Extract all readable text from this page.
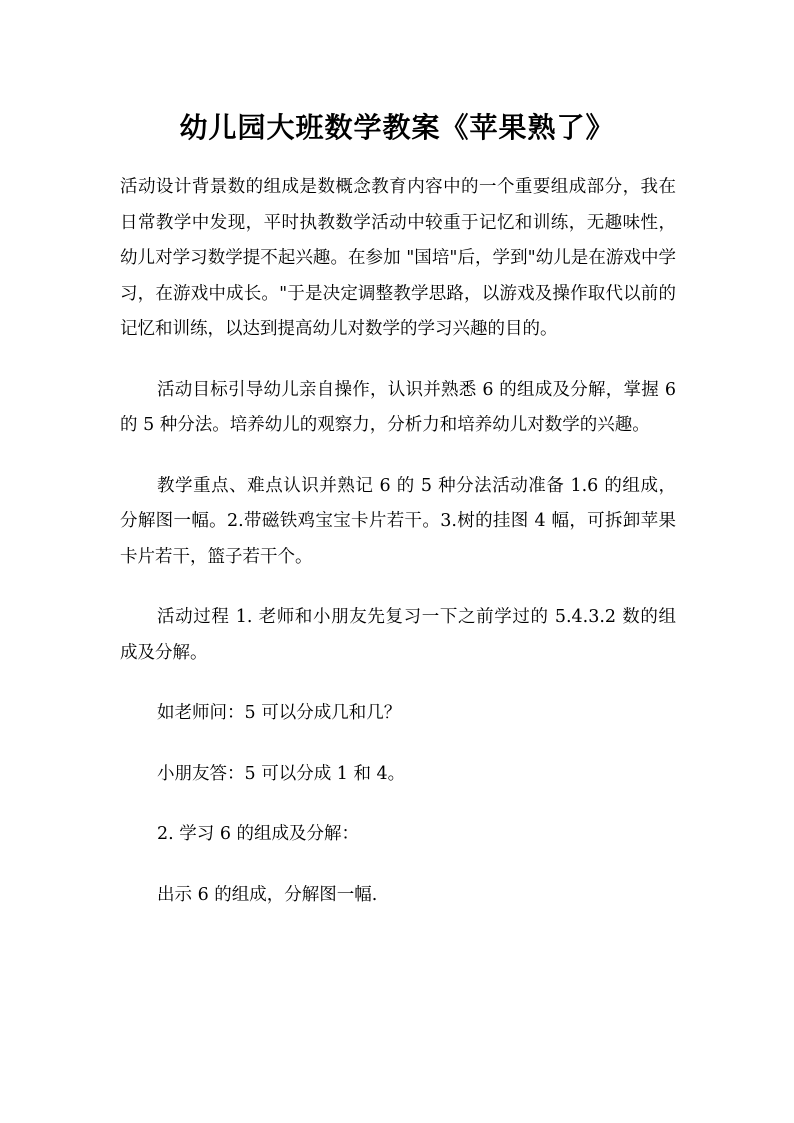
幼儿园大班数学教案《苹果熟了》

活动设计背景数的组成是数概念教育内容中的一个重要组成部分，我在日常教学中发现，平时执教数学活动中较重于记忆和训练，无趣味性，幼儿对学习数学提不起兴趣。在参加 "国培"后，学到"幼儿是在游戏中学习，在游戏中成长。"于是决定调整教学思路，以游戏及操作取代以前的记忆和训练，以达到提高幼儿对数学的学习兴趣的目的。

活动目标引导幼儿亲自操作，认识并熟悉 6 的组成及分解，掌握 6 的 5 种分法。培养幼儿的观察力，分析力和培养幼儿对数学的兴趣。

教学重点、难点认识并熟记 6 的 5 种分法活动准备 1.6 的组成，分解图一幅。2.带磁铁鸡宝宝卡片若干。3.树的挂图 4 幅，可拆卸苹果卡片若干，篮子若干个。

活动过程 1. 老师和小朋友先复习一下之前学过的 5.4.3.2 数的组成及分解。

如老师问：5 可以分成几和几？

小朋友答：5 可以分成 1 和 4。

2. 学习 6 的组成及分解：

出示 6 的组成，分解图一幅.
